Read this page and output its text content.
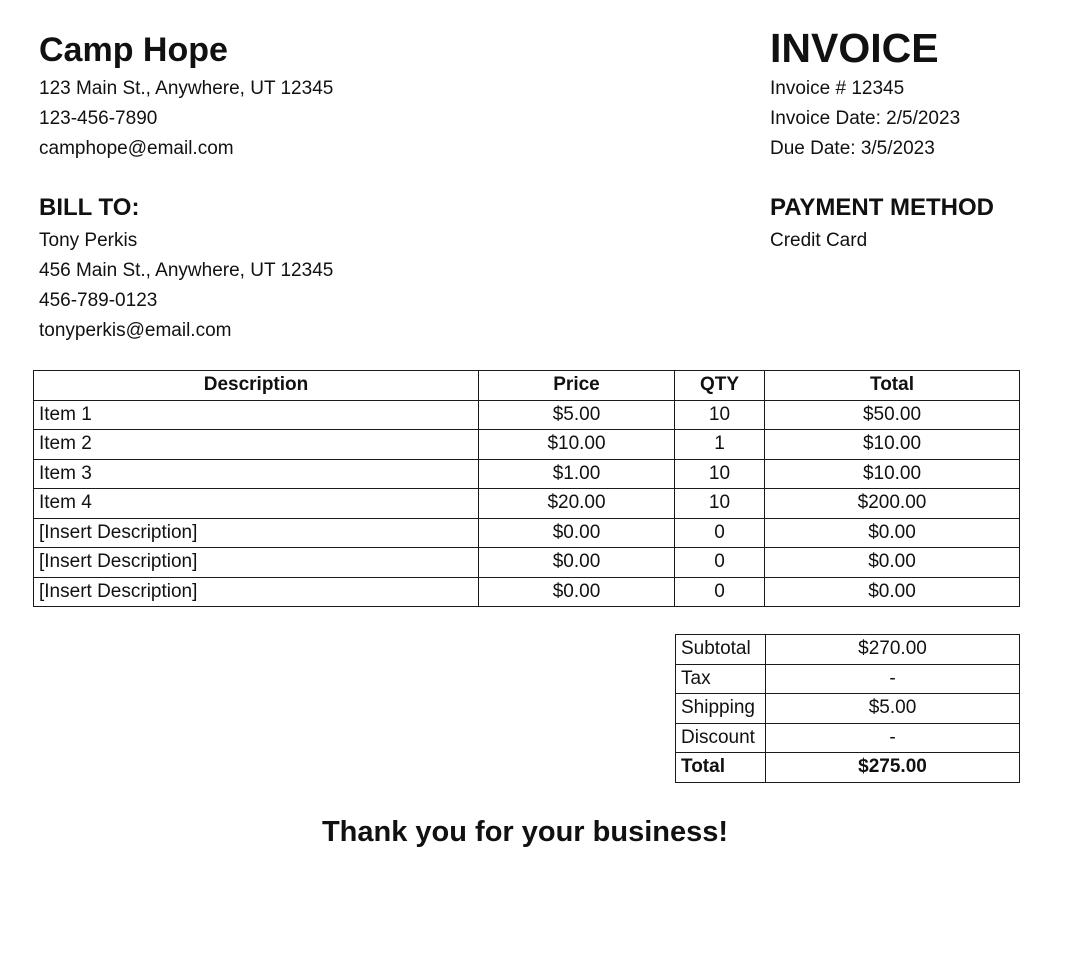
Camp Hope
123 Main St., Anywhere, UT 12345
123-456-7890
camphope@email.com
INVOICE
Invoice # 12345
Invoice Date: 2/5/2023
Due Date: 3/5/2023
BILL TO:
Tony Perkis
456 Main St., Anywhere, UT 12345
456-789-0123
tonyperkis@email.com
PAYMENT METHOD
Credit Card
Description	Price	QTY	Total
Item 1	$5.00	10	$50.00
Item 2	$10.00	1	$10.00
Item 3	$1.00	10	$10.00
Item 4	$20.00	10	$200.00
[Insert Description]	$0.00	0	$0.00
[Insert Description]	$0.00	0	$0.00
[Insert Description]	$0.00	0	$0.00
Subtotal	$270.00
Tax	-
Shipping	$5.00
Discount	-
Total	$275.00

Thank you for your business!
